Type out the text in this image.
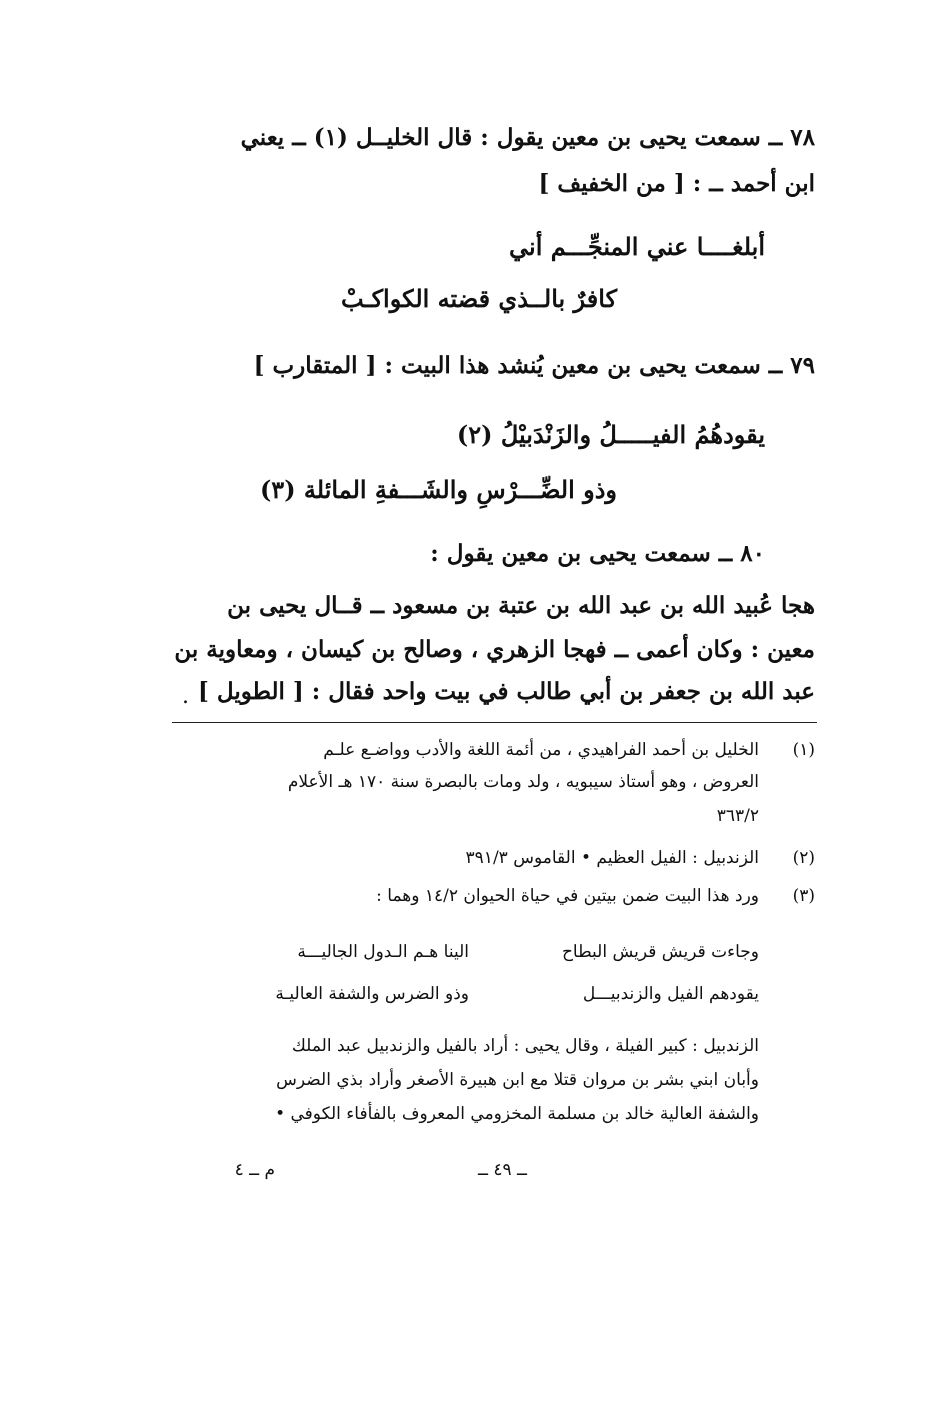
٧٨ ــ سمعت يحيى بن معين يقول : قال الخليــل (١) ــ يعني
ابن أحمد ــ : [ من الخفيف ]
أبلغــــا عني المنجِّـــم أني
كافرٌ بالــذي قضته الكواكـبْ
٧٩ ــ سمعت يحيى بن معين يُنشد هذا البيت : [ المتقارب ]
يقودهُمُ الفيـــــلُ والزَنْدَبيْلُ (٢)
وذو الضِّـــرْسِ والشَـــفةِ المائلة (٣)
٨٠ ــ سمعت يحيى بن معين يقول :
هجا عُبيد الله بن عبد الله بن عتبة بن مسعود ــ قــال يحيى بن
معين : وكان أعمى ــ فهجا الزهري ، وصالح بن كيسان ، ومعاوية بن
عبد الله بن جعفر بن أبي طالب في بيت واحد فقال : [ الطويل ]
.
(١)
الخليل بن أحمد الفراهيدي ، من أئمة اللغة والأدب وواضـع علـم
العروض ، وهو أستاذ سيبويه ، ولد ومات بالبصرة سنة ١٧٠ هـ الأعلام
٣٦٣/٢
(٢)
الزندبيل : الفيل العظيم • القاموس ٣٩١/٣
(٣)
ورد هذا البيت ضمن بيتين في حياة الحيوان ١٤/٢ وهما :
وجاءت قريش قريش البطاح
الينا هـم الـدول الجاليـــة
يقودهم الفيل والزندبيـــل
وذو الضرس والشفة العاليـة
الزندبيل : كبير الفيلة ، وقال يحيى : أراد بالفيل والزندبيل عبد الملك
وأبان ابني بشر بن مروان قتلا مع ابن هبيرة الأصغر وأراد بذي الضرس
والشفة العالية خالد بن مسلمة المخزومي المعروف بالفأفاء الكوفي •
ــ ٤٩ ــ
م ــ ٤
